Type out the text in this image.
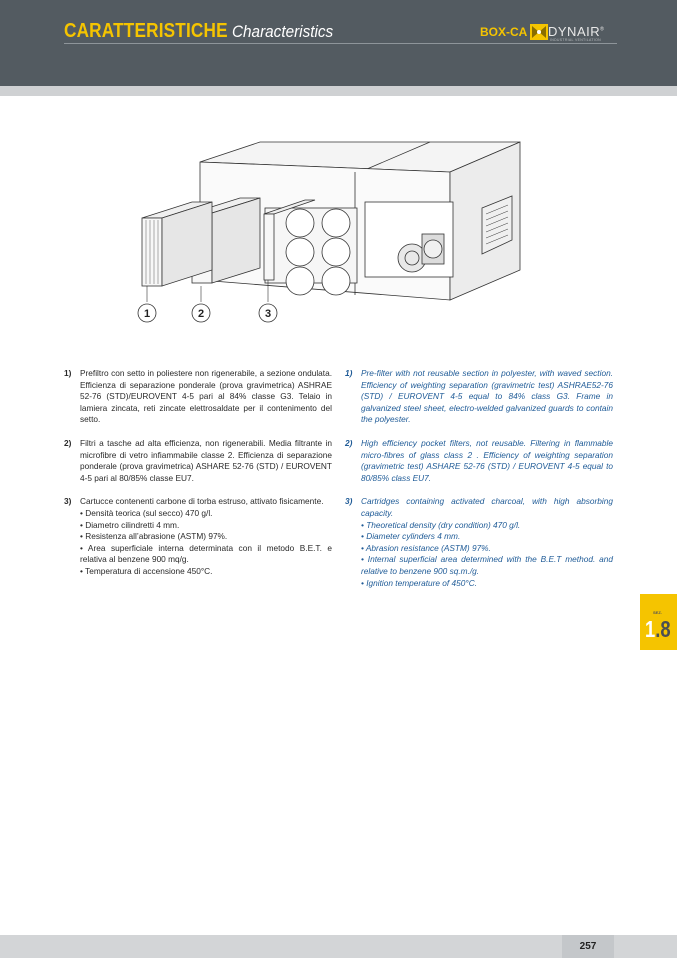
CARATTERISTICHE Characteristics	BOX-CA DYNAIR®
INDUSTRIAL VENTILATION
1	2	3
1) Prefiltro con setto in poliestere non rigenerabile, a sezione ondulata. Efficienza di separazione ponderale (prova gravimetrica) ASHRAE 52-76 (STD)/EUROVENT 4-5 pari al 84% classe G3. Telaio in lamiera zincata, reti zincate elettrosaldate per il contenimento del setto.
2) Filtri a tasche ad alta efficienza, non rigenerabili. Media filtrante in microfibre di vetro infiammabile classe 2. Efficienza di separazione ponderale (prova gravimetrica) ASHARE 52-76 (STD) / EUROVENT 4-5 pari al 80/85% classe EU7.
3) Cartucce contenenti carbone di torba estruso, attivato fisicamente.
• Densità teorica (sul secco) 470 g/l.
• Diametro cilindretti 4 mm.
• Resistenza all’abrasione (ASTM) 97%.
• Area superficiale interna determinata con il metodo B.E.T. e relativa al benzene 900 mq/g.
• Temperatura di accensione 450°C.
1) Pre-filter with not reusable section in polyester, with waved section. Efficiency of weighting separation (gravimetric test) ASHRAE52-76 (STD) / EUROVENT 4-5 equal to 84% class G3. Frame in galvanized steel sheet, electro-welded galvanized guards to contain the polyester.
2) High efficiency pocket filters, not reusable. Filtering in flammable micro-fibres of glass class 2 . Efficiency of weighting separation (gravimetric test) ASHARE 52-76 (STD) / EUROVENT 4-5 equal to 80/85% class EU7.
3) Cartridges containing activated charcoal, with high absorbing capacity.
• Theoretical density (dry condition) 470 g/l.
• Diameter cylinders 4 mm.
• Abrasion resistance (ASTM) 97%.
• Internal superficial area determined with the B.E.T method. and relative to benzene 900 sq.m./g.
• Ignition temperature of 450°C.
SEZ.
1.8
257
